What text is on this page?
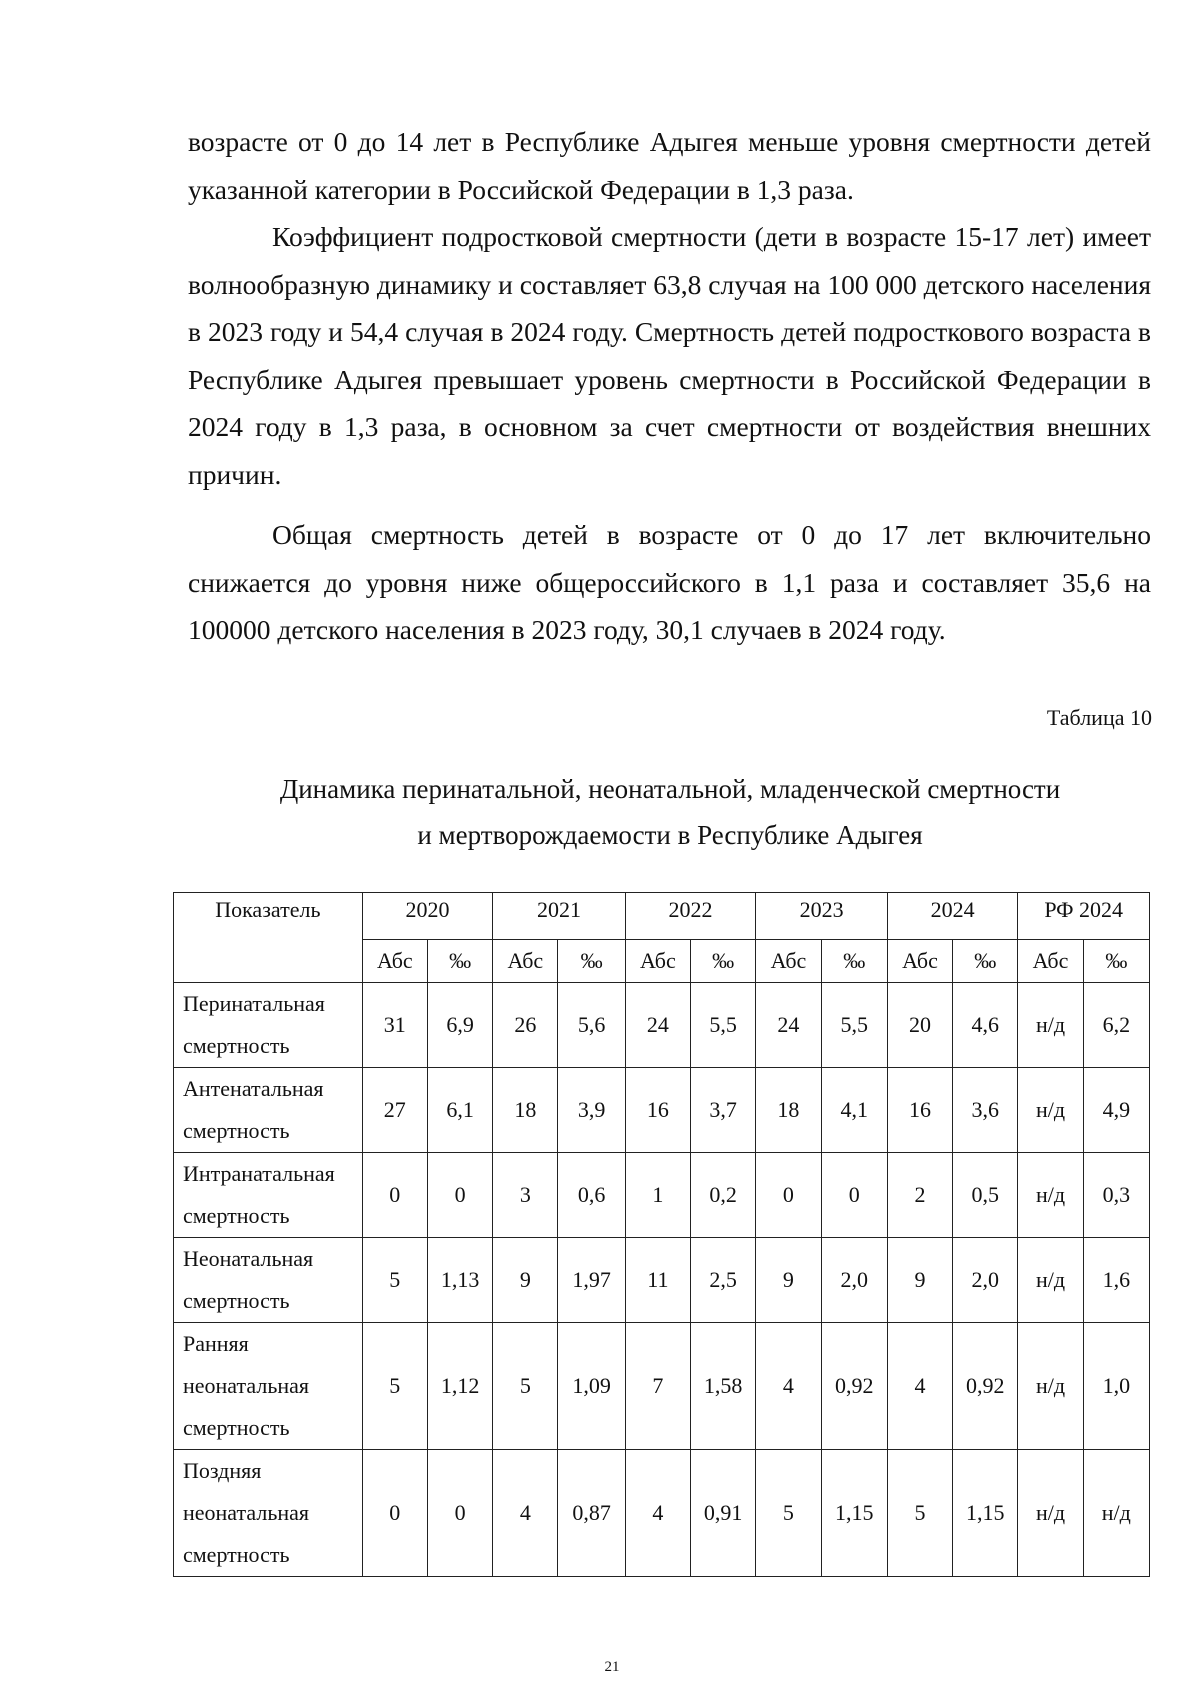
возрасте от 0 до 14 лет в Республике Адыгея меньше уровня смертности детей указанной категории в Российской Федерации в 1,3 раза.

Коэффициент подростковой смертности (дети в возрасте 15-17 лет) имеет волнообразную динамику и составляет 63,8 случая на 100 000 детского населения в 2023 году и 54,4 случая в 2024 году. Смертность детей подросткового возраста в Республике Адыгея превышает уровень смертности в Российской Федерации в 2024 году в 1,3 раза, в основном за счет смертности от воздействия внешних причин.

Общая смертность детей в возрасте от 0 до 17 лет включительно снижается до уровня ниже общероссийского в 1,1 раза и составляет 35,6 на 100000 детского населения в 2023 году, 30,1 случаев в 2024 году.

Таблица 10
Динамика перинатальной, неонатальной, младенческой смертности
и мертворождаемости в Республике Адыгея
Показатель	2020		2021		2022		2023		2024		РФ 2024	
	Абс	‰	Абс	‰	Абс	‰	Абс	‰	Абс	‰	Абс	‰
Перинатальная
смертность	31	6,9	26	5,6	24	5,5	24	5,5	20	4,6	н/д	6,2
Антенатальная
смертность	27	6,1	18	3,9	16	3,7	18	4,1	16	3,6	н/д	4,9
Интранатальная
смертность	0	0	3	0,6	1	0,2	0	0	2	0,5	н/д	0,3
Неонатальная
смертность	5	1,13	9	1,97	11	2,5	9	2,0	9	2,0	н/д	1,6
Ранняя
неонатальная
смертность	5	1,12	5	1,09	7	1,58	4	0,92	4	0,92	н/д	1,0
Поздняя
неонатальная
смертность	0	0	4	0,87	4	0,91	5	1,15	5	1,15	н/д	н/д
21
